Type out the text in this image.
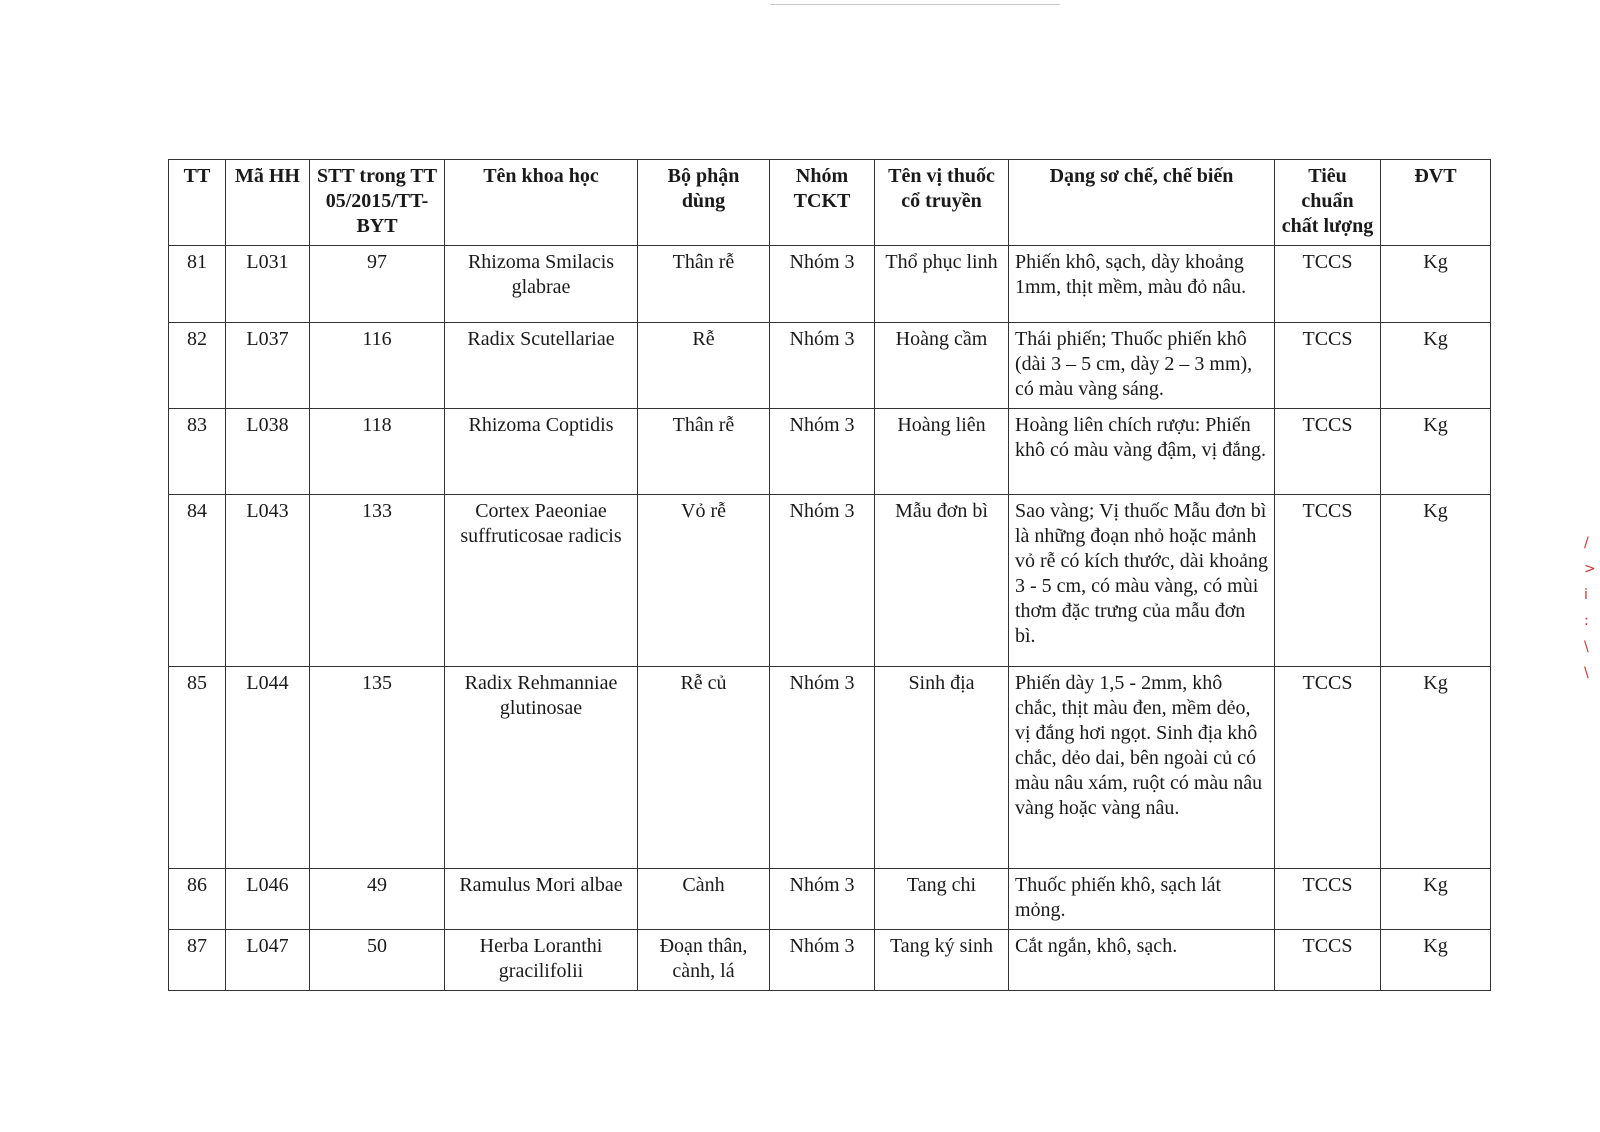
TT	Mã HH	STT trong TT 05/2015/TT-BYT	Tên khoa học	Bộ phận dùng	Nhóm TCKT	Tên vị thuốc cổ truyền	Dạng sơ chế, chế biến	Tiêu chuẩn chất lượng	ĐVT
81	L031	97	Rhizoma Smilacis glabrae	Thân rễ	Nhóm 3	Thổ phục linh	Phiến khô, sạch, dày khoảng 1mm, thịt mềm, màu đỏ nâu.	TCCS	Kg
82	L037	116	Radix Scutellariae	Rễ	Nhóm 3	Hoàng cầm	Thái phiến; Thuốc phiến khô (dài 3 – 5 cm, dày 2 – 3 mm), có màu vàng sáng.	TCCS	Kg
83	L038	118	Rhizoma Coptidis	Thân rễ	Nhóm 3	Hoàng liên	Hoàng liên chích rượu: Phiến khô có màu vàng đậm, vị đắng.	TCCS	Kg
84	L043	133	Cortex Paeoniae suffruticosae radicis	Vỏ rễ	Nhóm 3	Mẫu đơn bì	Sao vàng; Vị thuốc Mẫu đơn bì là những đoạn nhỏ hoặc mảnh vỏ rễ có kích thước, dài khoảng 3 - 5 cm, có màu vàng, có mùi thơm đặc trưng của mẫu đơn bì.	TCCS	Kg
85	L044	135	Radix Rehmanniae glutinosae	Rễ củ	Nhóm 3	Sinh địa	Phiến dày 1,5 - 2mm, khô chắc, thịt màu đen, mềm dẻo, vị đắng hơi ngọt. Sinh địa khô chắc, dẻo dai, bên ngoài củ có màu nâu xám, ruột có màu nâu vàng hoặc vàng nâu.	TCCS	Kg
86	L046	49	Ramulus Mori albae	Cành	Nhóm 3	Tang chi	Thuốc phiến khô, sạch lát mỏng.	TCCS	Kg
87	L047	50	Herba Loranthi gracilifolii	Đoạn thân, cành, lá	Nhóm 3	Tang ký sinh	Cắt ngắn, khô, sạch.	TCCS	Kg
/
>
i
:
\
\
